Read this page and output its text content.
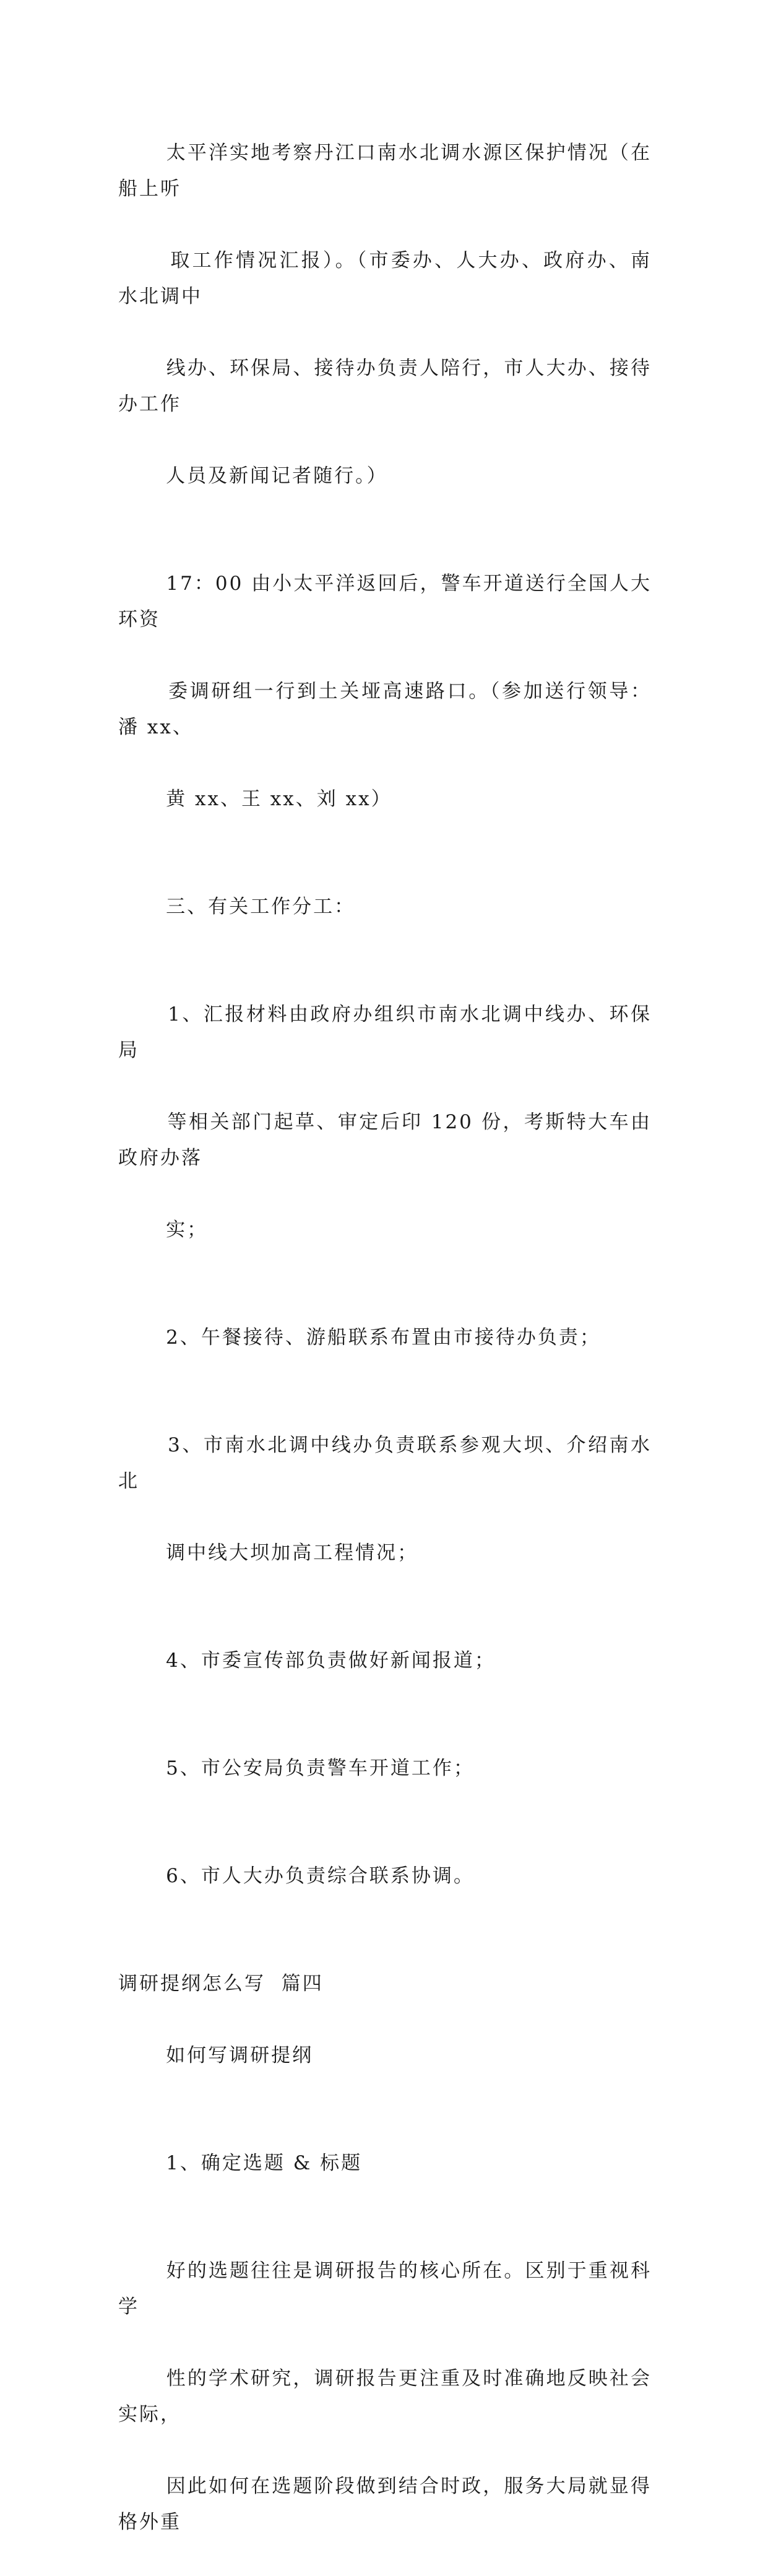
太平洋实地考察丹江口南水北调水源区保护情况（在船上听

取工作情况汇报）。（市委办、人大办、政府办、南水北调中

线办、环保局、接待办负责人陪行，市人大办、接待办工作

人员及新闻记者随行。）

17：00 由小太平洋返回后，警车开道送行全国人大环资

委调研组一行到土关垭高速路口。（参加送行领导：潘 xx、

黄 xx、王 xx、刘 xx）

三、有关工作分工：

1、汇报材料由政府办组织市南水北调中线办、环保局

等相关部门起草、审定后印 120 份，考斯特大车由政府办落

实；

2、午餐接待、游船联系布置由市接待办负责；

3、市南水北调中线办负责联系参观大坝、介绍南水北

调中线大坝加高工程情况；

4、市委宣传部负责做好新闻报道；

5、市公安局负责警车开道工作；

6、市人大办负责综合联系协调。

调研提纲怎么写  篇四

如何写调研提纲

1、确定选题 & 标题

好的选题往往是调研报告的核心所在。区别于重视科学

性的学术研究，调研报告更注重及时准确地反映社会实际，

因此如何在选题阶段做到结合时政，服务大局就显得格外重
